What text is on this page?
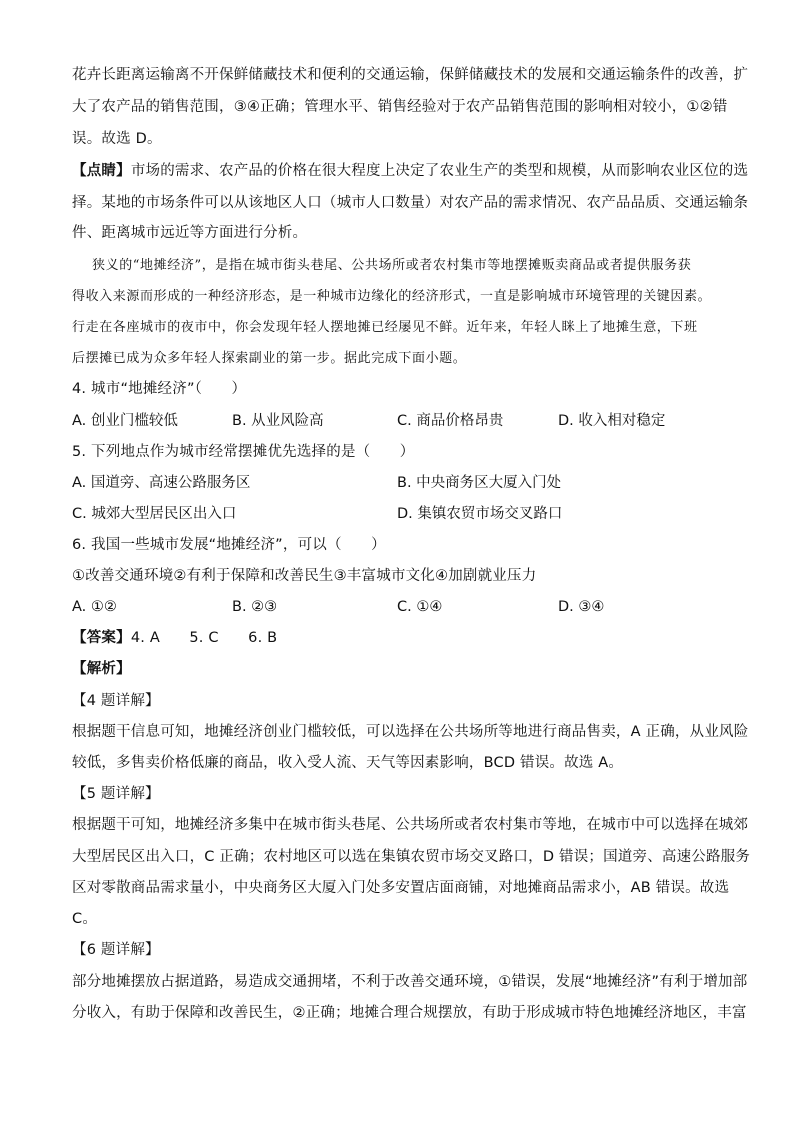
花卉长距离运输离不开保鲜储藏技术和便利的交通运输，保鲜储藏技术的发展和交通运输条件的改善，扩
大了农产品的销售范围，③④正确；管理水平、销售经验对于农产品销售范围的影响相对较小，①②错
误。故选 D。
【点睛】市场的需求、农产品的价格在很大程度上决定了农业生产的类型和规模，从而影响农业区位的选
择。某地的市场条件可以从该地区人口（城市人口数量）对农产品的需求情况、农产品品质、交通运输条
件、距离城市远近等方面进行分析。
狭义的“地摊经济”，是指在城市街头巷尾、公共场所或者农村集市等地摆摊贩卖商品或者提供服务获
得收入来源而形成的一种经济形态，是一种城市边缘化的经济形式，一直是影响城市环境管理的关键因素。
行走在各座城市的夜市中，你会发现年轻人摆地摊已经屡见不鲜。近年来，年轻人眯上了地摊生意，下班
后摆摊已成为众多年轻人探索副业的第一步。据此完成下面小题。
4. 城市“地摊经济”（　　）
A. 创业门槛较低	B. 从业风险高	C. 商品价格昂贵	D. 收入相对稳定
5. 下列地点作为城市经常摆摊优先选择的是（　　）
A. 国道旁、高速公路服务区	B. 中央商务区大厦入门处
C. 城郊大型居民区出入口	D. 集镇农贸市场交叉路口
6. 我国一些城市发展“地摊经济”，可以（　　）
①改善交通环境②有利于保障和改善民生③丰富城市文化④加剧就业压力
A. ①②	B. ②③	C. ①④	D. ③④
【答案】4. A　　5. C　　6. B
【解析】
【4 题详解】
根据题干信息可知，地摊经济创业门槛较低，可以选择在公共场所等地进行商品售卖，A 正确，从业风险
较低，多售卖价格低廉的商品，收入受人流、天气等因素影响，BCD 错误。故选 A。
【5 题详解】
根据题干可知，地摊经济多集中在城市街头巷尾、公共场所或者农村集市等地，在城市中可以选择在城郊
大型居民区出入口，C 正确；农村地区可以选在集镇农贸市场交叉路口，D 错误；国道旁、高速公路服务
区对零散商品需求量小，中央商务区大厦入门处多安置店面商铺，对地摊商品需求小，AB 错误。故选
C。
【6 题详解】
部分地摊摆放占据道路，易造成交通拥堵，不利于改善交通环境，①错误，发展“地摊经济”有利于增加部
分收入，有助于保障和改善民生，②正确；地摊合理合规摆放，有助于形成城市特色地摊经济地区，丰富
